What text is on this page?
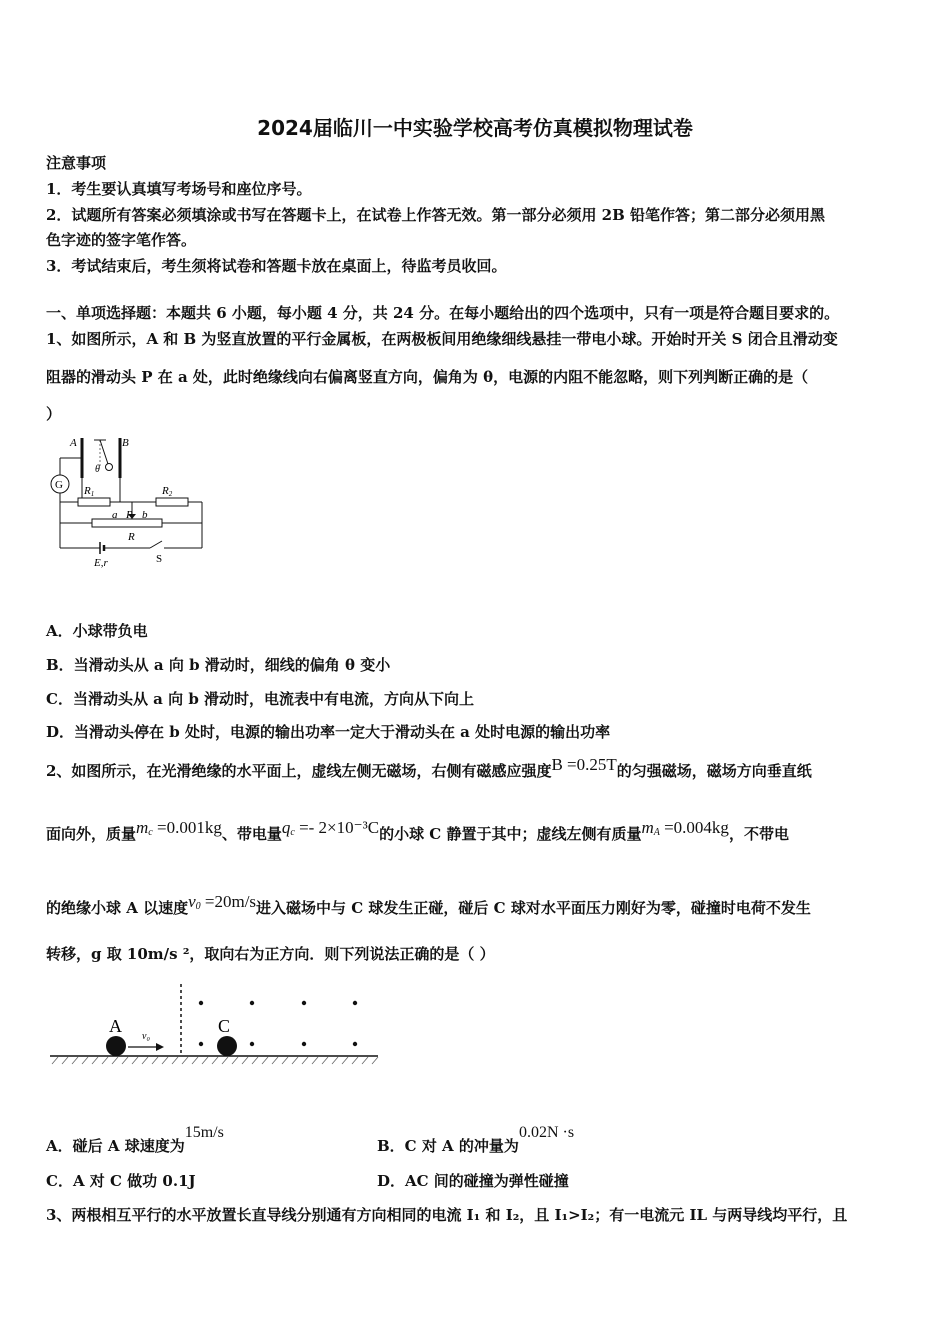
2024届临川一中实验学校高考仿真模拟物理试卷
注意事项
1．考生要认真填写考场号和座位序号。
2．试题所有答案必须填涂或书写在答题卡上，在试卷上作答无效。第一部分必须用 2B 铅笔作答；第二部分必须用黑
色字迹的签字笔作答。
3．考试结束后，考生须将试卷和答题卡放在桌面上，待监考员收回。
一、单项选择题：本题共 6 小题，每小题 4 分，共 24 分。在每小题给出的四个选项中，只有一项是符合题目要求的。
1、如图所示，A 和 B 为竖直放置的平行金属板，在两极板间用绝缘细线悬挂一带电小球。开始时开关 S 闭合且滑动变
阻器的滑动头 P 在 a 处，此时绝缘线向右偏离竖直方向，偏角为 θ，电源的内阻不能忽略，则下列判断正确的是（
）
A	B
θ
G R1	R2
a P b
R
S
E,r
A．小球带负电
B．当滑动头从 a 向 b 滑动时，细线的偏角 θ 变小
C．当滑动头从 a 向 b 滑动时，电流表中有电流，方向从下向上
D．当滑动头停在 b 处时，电源的输出功率一定大于滑动头在 a 处时电源的输出功率
2、如图所示，在光滑绝缘的水平面上，虚线左侧无磁场，右侧有磁感应强度B =0.25T的匀强磁场，磁场方向垂直纸
面向外，质量$m_c =0.001kg$、带电量$q_c =- 2\times 10^{-3}C$的小球 C 静置于其中；虚线左侧有质量$m_A =0.004kg$，不带电
的绝缘小球 A 以速度$v_0 =20m/s$进入磁场中与 C 球发生正碰，碰后 C 球对水平面压力刚好为零，碰撞时电荷不发生
转移，g 取 10m/s ²，取向右为正方向．则下列说法正确的是（ ）
A	C
v₀
A．碰后 A 球速度为15m/s
B．C 对 A 的冲量为0.02N ·s
C．A 对 C 做功 0.1J	D．AC 间的碰撞为弹性碰撞
3、两根相互平行的水平放置长直导线分别通有方向相同的电流 I₁ 和 I₂，且 I₁>I₂；有一电流元 IL 与两导线均平行，且
